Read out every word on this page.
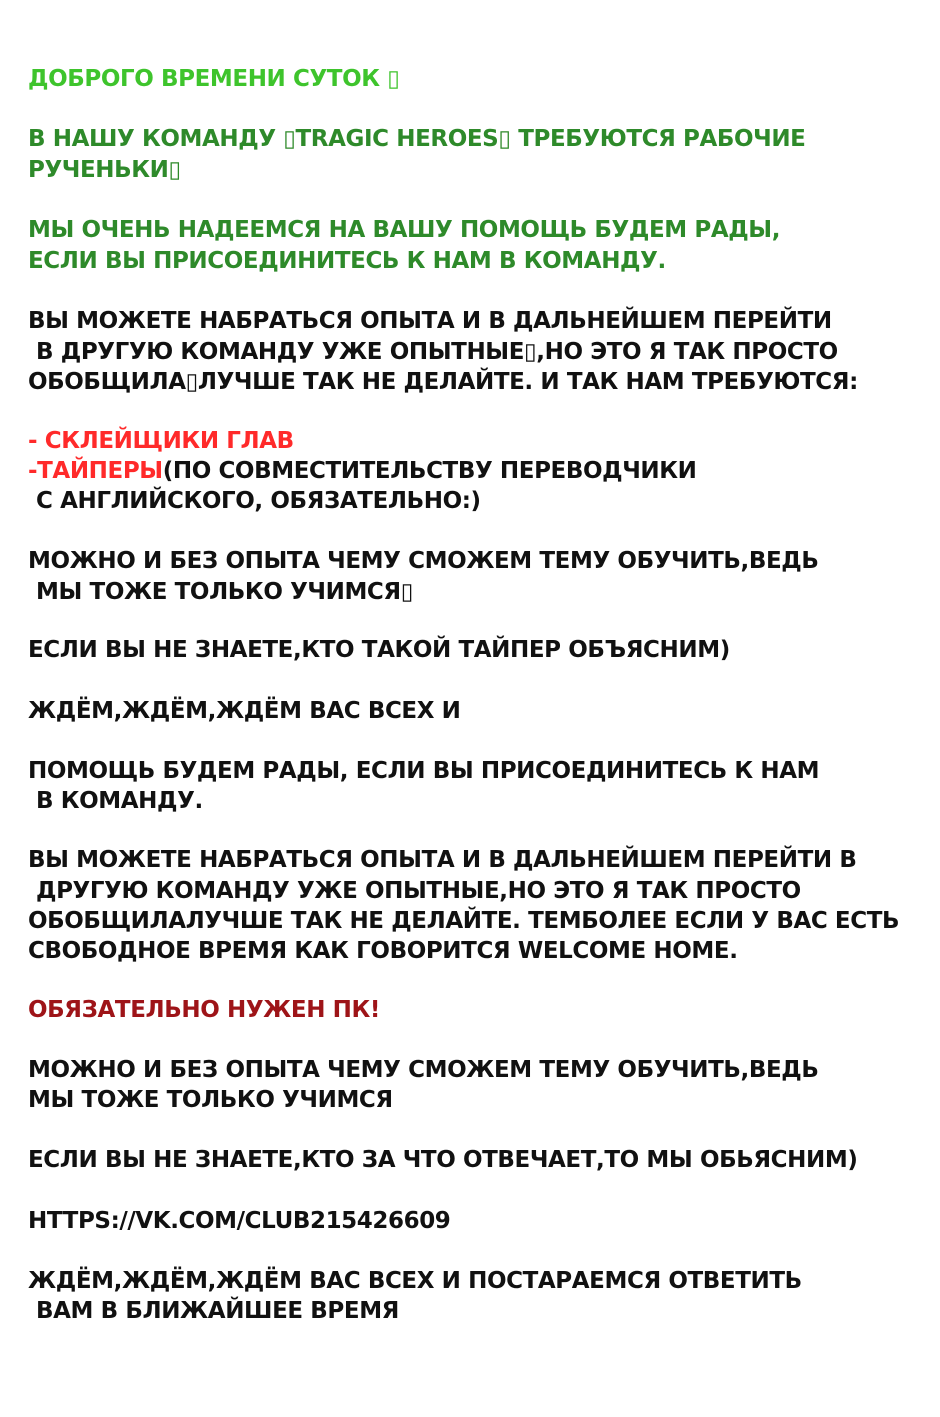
ДОБРОГО ВРЕМЕНИ СУТОК ▯

В НАШУ КОМАНДУ ▯TRAGIC HEROES▯ ТРЕБУЮТСЯ РАБОЧИЕ

РУЧЕНЬКИ▯

МЫ ОЧЕНЬ НАДЕЕМСЯ НА ВАШУ ПОМОЩЬ БУДЕМ РАДЫ,

ЕСЛИ ВЫ ПРИСОЕДИНИТЕСЬ К НАМ В КОМАНДУ.

ВЫ МОЖЕТЕ НАБРАТЬСЯ ОПЫТА И В ДАЛЬНЕЙШЕМ ПЕРЕЙТИ

В ДРУГУЮ КОМАНДУ УЖЕ ОПЫТНЫЕ▯,НО ЭТО Я ТАК ПРОСТО

ОБОБЩИЛА▯ЛУЧШЕ ТАК НЕ ДЕЛАЙТЕ. И ТАК НАМ ТРЕБУЮТСЯ:

- СКЛЕЙЩИКИ ГЛАВ

-ТАЙПЕРЫ(ПО СОВМЕСТИТЕЛЬСТВУ ПЕРЕВОДЧИКИ

С АНГЛИЙСКОГО, ОБЯЗАТЕЛЬНО:)

МОЖНО И БЕЗ ОПЫТА ЧЕМУ СМОЖЕМ ТЕМУ ОБУЧИТЬ,ВЕДЬ

МЫ ТОЖЕ ТОЛЬКО УЧИМСЯ▯

ЕСЛИ ВЫ НЕ ЗНАЕТЕ,КТО ТАКОЙ ТАЙПЕР ОБЪЯСНИМ)

ЖДЁМ,ЖДЁМ,ЖДЁМ ВАС ВСЕХ И

ПОМОЩЬ БУДЕМ РАДЫ, ЕСЛИ ВЫ ПРИСОЕДИНИТЕСЬ К НАМ

В КОМАНДУ.

ВЫ МОЖЕТЕ НАБРАТЬСЯ ОПЫТА И В ДАЛЬНЕЙШЕМ ПЕРЕЙТИ В

ДРУГУЮ КОМАНДУ УЖЕ ОПЫТНЫЕ,НО ЭТО Я ТАК ПРОСТО

ОБОБЩИЛАЛУЧШЕ ТАК НЕ ДЕЛАЙТЕ. ТЕМБОЛЕЕ ЕСЛИ У ВАС ЕСТЬ

СВОБОДНОЕ ВРЕМЯ КАК ГОВОРИТСЯ WELCOME HOME.

ОБЯЗАТЕЛЬНО НУЖЕН ПК!

МОЖНО И БЕЗ ОПЫТА ЧЕМУ СМОЖЕМ ТЕМУ ОБУЧИТЬ,ВЕДЬ

МЫ ТОЖЕ ТОЛЬКО УЧИМСЯ

ЕСЛИ ВЫ НЕ ЗНАЕТЕ,КТО ЗА ЧТО ОТВЕЧАЕТ,ТО МЫ ОБЬЯСНИМ)

HTTPS://VK.COM/CLUB215426609

ЖДЁМ,ЖДЁМ,ЖДЁМ ВАС ВСЕХ И ПОСТАРАЕМСЯ ОТВЕТИТЬ

ВАМ В БЛИЖАЙШЕЕ ВРЕМЯ
